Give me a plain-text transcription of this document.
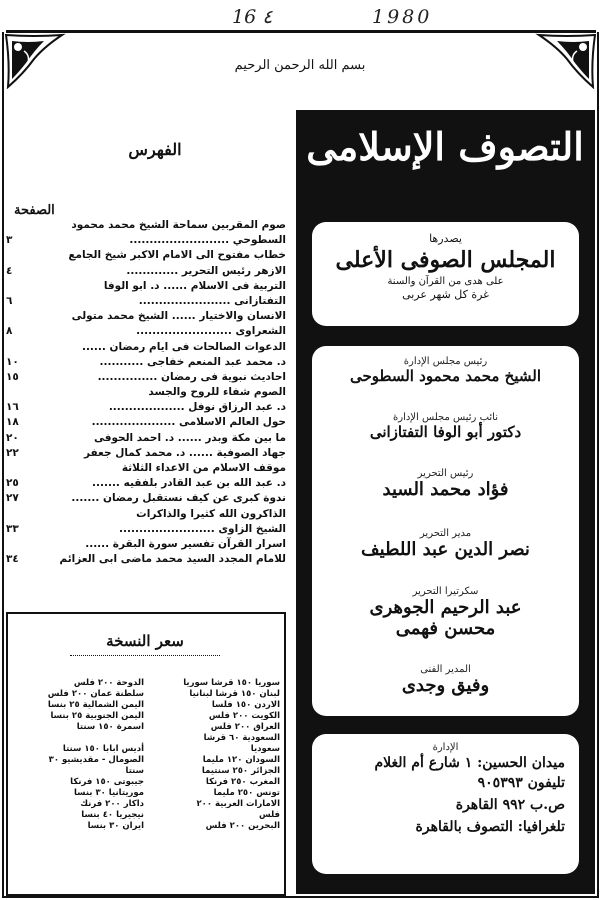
16 ٤	1980
بسم الله الرحمن الرحيم
الفهرس
الصفحة
صوم المقربين سماحة الشيخ محمد محمود
السطوحي .........................
٣
خطاب مفتوح الى الامام الاكبر شيخ الجامع
الازهر رئيس التحرير .............
٤
التربية فى الاسلام ...... د. ابو الوفا
التفتازانى .......................
٦
الانسان والاختيار ...... الشيخ محمد متولى
الشعراوى ........................
٨
الدعوات الصالحات فى ايام رمضان ......
د. محمد عبد المنعم خفاجى ...........
١٠
احاديث نبوية فى رمضان ...............
١٥
الصوم شفاء للروح والجسد
د. عبد الرزاق نوفل ...................
١٦
حول العالم الاسلامى .....................
١٨
ما بين مكة وبدر ...... د. احمد الحوفى
٢٠
جهاد الصوفية ...... د. محمد كمال جعفر
٢٢
موقف الاسلام من الاعداء الثلاثة
د. عبد الله بن عبد القادر بلفقيه .......
٢٥
ندوة كبرى عن كيف نستقبل رمضان .......
٢٧
الذاكرون الله كثيرا والذاكرات
الشيخ الزاوى ........................
٣٣
اسرار القرآن تفسير سورة البقرة ......
للامام المجدد السيد محمد ماضى ابى العزائم
٣٤
سعر النسخة
سوريا ١٥٠ قرشا سوريا
لبنان ١٥٠ قرشا لبنانيا
الاردن ١٥٠ فلسا
الكويت ٢٠٠ فلس
العراق ٢٠٠ فلس
السعودية ٦٠ قرشا
سعوديا
السودان ١٢٠ مليما
الجزائر ٢٥٠ سنتيما
المغرب ٢٥٠ فرنكا
تونس ٢٥٠ مليما
الامارات العربية ٢٠٠
فلس
البحرين ٢٠٠ فلس
الدوحة ٢٠٠ فلس
سلطنة عمان ٢٠٠ فلس
اليمن الشمالية ٢٥ بنسا
اليمن الجنوبية ٢٥ بنسا
اسمرة ١٥٠ سنتا
أدیس ابابا ١٥٠ سنتا
الصومال - مقديشيو ٣٠
سنتا
جيبوتى ١٥٠ فرنكا
موريتانيا ٣٠ بنسا
داكار ٢٠٠ فرنك
نيجيريا ٤٠ بنسا
ايران ٣٠ بنسا
التصوف الإسلامى
يصدرها
المجلس الصوفى الأعلى
على هدى من القرآن والسنة
غرة كل شهر عربى
رئيس مجلس الإدارة
الشيخ محمد محمود السطوحى
نائب رئيس مجلس الإدارة
دكتور أبو الوفا التفتازانى
رئيس التحرير
فؤاد محمد السيد
مدير التحرير
نصر الدين عبد اللطيف
سكرتيرا التحرير
عبد الرحيم الجوهرى
محسن فهمى
المدير الفنى
وفيق وجدى
الإدارة
ميدان الحسين: ١ شارع أم الغلام
تليفون ٩٠٥٣٩٣
ص.ب ٩٩٢ القاهرة
تلغرافيا: التصوف بالقاهرة
